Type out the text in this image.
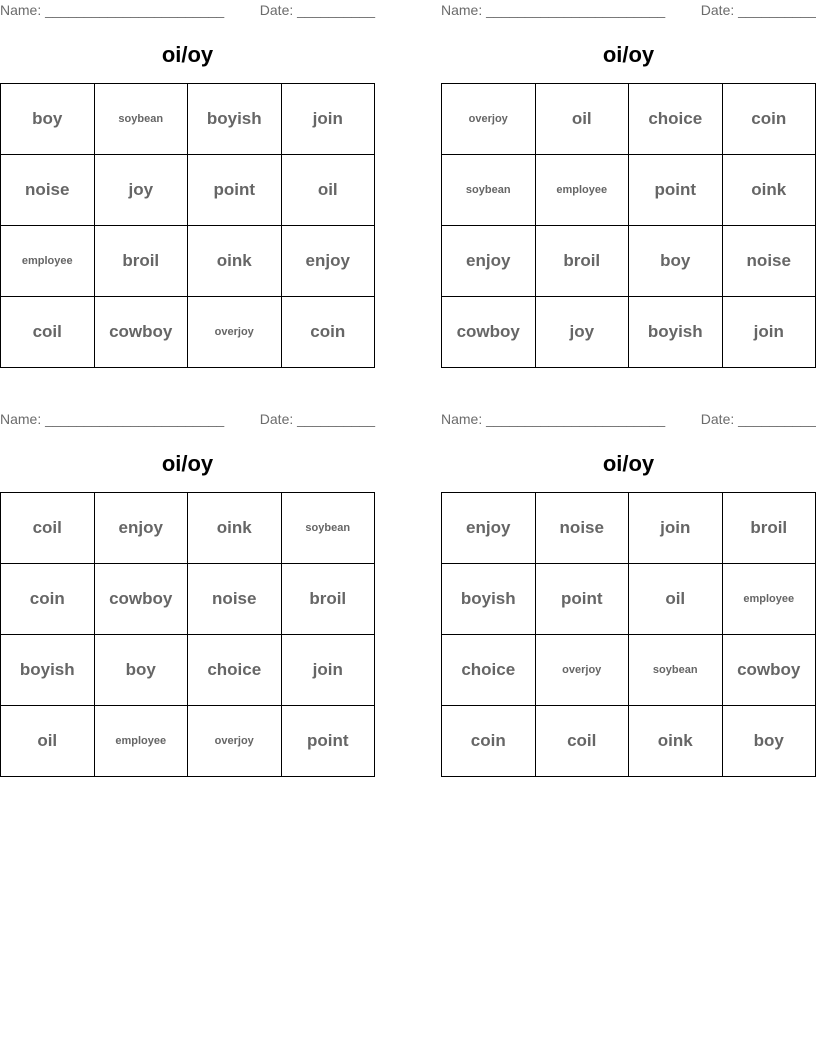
Name: _______________________	Date: __________
oi/oy
boy	soybean	boyish	join
noise	joy	point	oil
employee	broil	oink	enjoy
coil	cowboy	overjoy	coin
Name: _______________________	Date: __________
oi/oy
overjoy	oil	choice	coin
soybean	employee	point	oink
enjoy	broil	boy	noise
cowboy	joy	boyish	join
Name: _______________________	Date: __________
oi/oy
coil	enjoy	oink	soybean
coin	cowboy	noise	broil
boyish	boy	choice	join
oil	employee	overjoy	point
Name: _______________________	Date: __________
oi/oy
enjoy	noise	join	broil
boyish	point	oil	employee
choice	overjoy	soybean	cowboy
coin	coil	oink	boy
